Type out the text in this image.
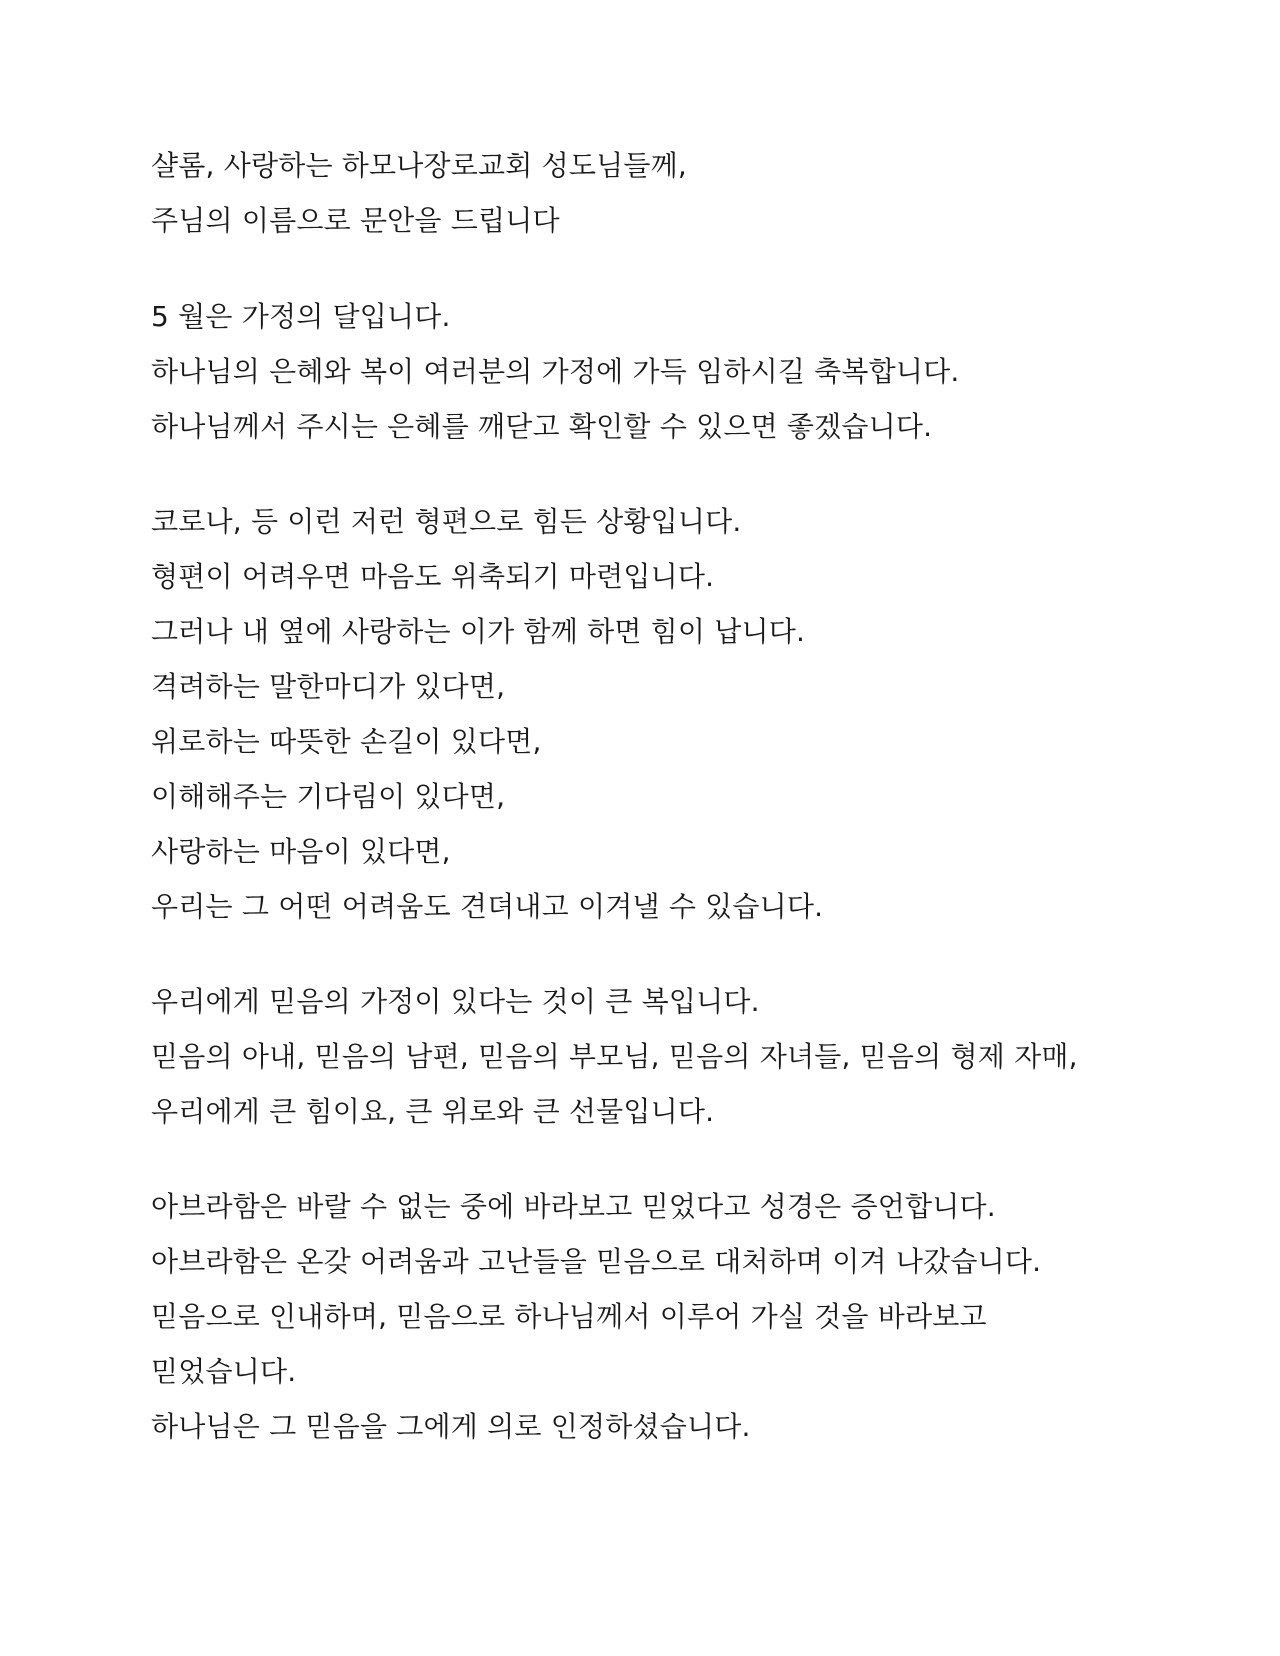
샬롬, 사랑하는 하모나장로교회 성도님들께,
주님의 이름으로 문안을 드립니다
5 월은 가정의 달입니다.
하나님의 은혜와 복이 여러분의 가정에 가득 임하시길 축복합니다.
하나님께서 주시는 은혜를 깨닫고 확인할 수 있으면 좋겠습니다.
코로나, 등 이런 저런 형편으로 힘든 상황입니다.
형편이 어려우면 마음도 위축되기 마련입니다.
그러나 내 옆에 사랑하는 이가 함께 하면 힘이 납니다.
격려하는 말한마디가 있다면,
위로하는 따뜻한 손길이 있다면,
이해해주는 기다림이 있다면,
사랑하는 마음이 있다면,
우리는 그 어떤 어려움도 견뎌내고 이겨낼 수 있습니다.
우리에게 믿음의 가정이 있다는 것이 큰 복입니다.
믿음의 아내, 믿음의 남편, 믿음의 부모님, 믿음의 자녀들, 믿음의 형제 자매,
우리에게 큰 힘이요, 큰 위로와 큰 선물입니다.
아브라함은 바랄 수 없는 중에 바라보고 믿었다고 성경은 증언합니다.
아브라함은 온갖 어려움과 고난들을 믿음으로 대처하며 이겨 나갔습니다.
믿음으로 인내하며, 믿음으로 하나님께서 이루어 가실 것을 바라보고
믿었습니다.
하나님은 그 믿음을 그에게 의로 인정하셨습니다.
